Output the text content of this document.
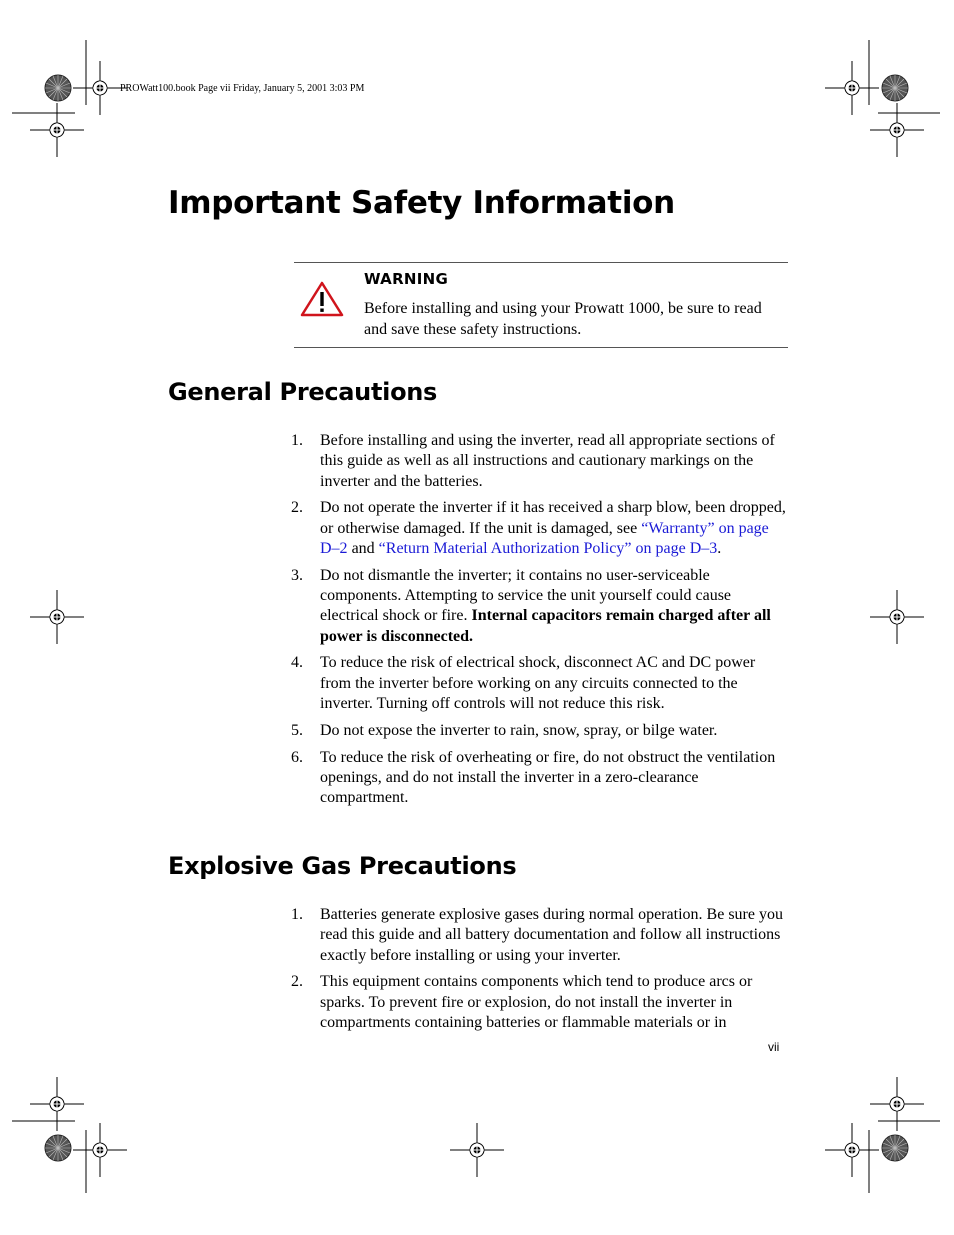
PROWatt100.book Page vii Friday, January 5, 2001 3:03 PM
Important Safety Information
WARNING
Before installing and using your Prowatt 1000, be sure to read and save these safety instructions.
General Precautions
1. Before installing and using the inverter, read all appropriate sections of this guide as well as all instructions and cautionary markings on the inverter and the batteries.
2. Do not operate the inverter if it has received a sharp blow, been dropped, or otherwise damaged. If the unit is damaged, see “Warranty” on page D–2 and “Return Material Authorization Policy” on page D–3.
3. Do not dismantle the inverter; it contains no user-serviceable components. Attempting to service the unit yourself could cause electrical shock or fire. Internal capacitors remain charged after all power is disconnected.
4. To reduce the risk of electrical shock, disconnect AC and DC power from the inverter before working on any circuits connected to the inverter. Turning off controls will not reduce this risk.
5. Do not expose the inverter to rain, snow, spray, or bilge water.
6. To reduce the risk of overheating or fire, do not obstruct the ventilation openings, and do not install the inverter in a zero-clearance compartment.
Explosive Gas Precautions
1. Batteries generate explosive gases during normal operation. Be sure you read this guide and all battery documentation and follow all instructions exactly before installing or using your inverter.
2. This equipment contains components which tend to produce arcs or sparks. To prevent fire or explosion, do not install the inverter in compartments containing batteries or flammable materials or in
vii
